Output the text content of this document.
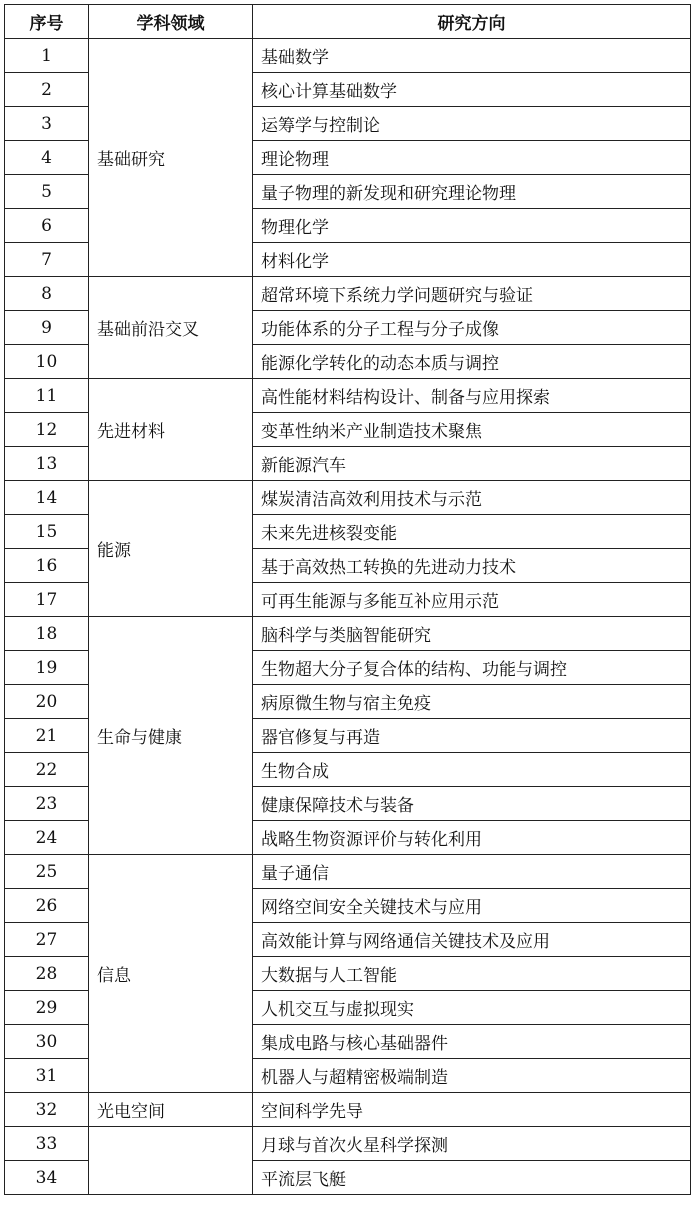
序号	学科领域	研究方向
1	基础研究	基础数学
2		核心计算基础数学
3		运筹学与控制论
4		理论物理
5		量子物理的新发现和研究理论物理
6		物理化学
7		材料化学
8	基础前沿交叉	超常环境下系统力学问题研究与验证
9		功能体系的分子工程与分子成像
10		能源化学转化的动态本质与调控
11	先进材料	高性能材料结构设计、制备与应用探索
12		变革性纳米产业制造技术聚焦
13		新能源汽车
14	能源	煤炭清洁高效利用技术与示范
15		未来先进核裂变能
16		基于高效热工转换的先进动力技术
17		可再生能源与多能互补应用示范
18	生命与健康	脑科学与类脑智能研究
19		生物超大分子复合体的结构、功能与调控
20		病原微生物与宿主免疫
21		器官修复与再造
22		生物合成
23		健康保障技术与装备
24		战略生物资源评价与转化利用
25	信息	量子通信
26		网络空间安全关键技术与应用
27		高效能计算与网络通信关键技术及应用
28		大数据与人工智能
29		人机交互与虚拟现实
30		集成电路与核心基础器件
31		机器人与超精密极端制造
32	光电空间	空间科学先导
33		月球与首次火星科学探测
34		平流层飞艇
